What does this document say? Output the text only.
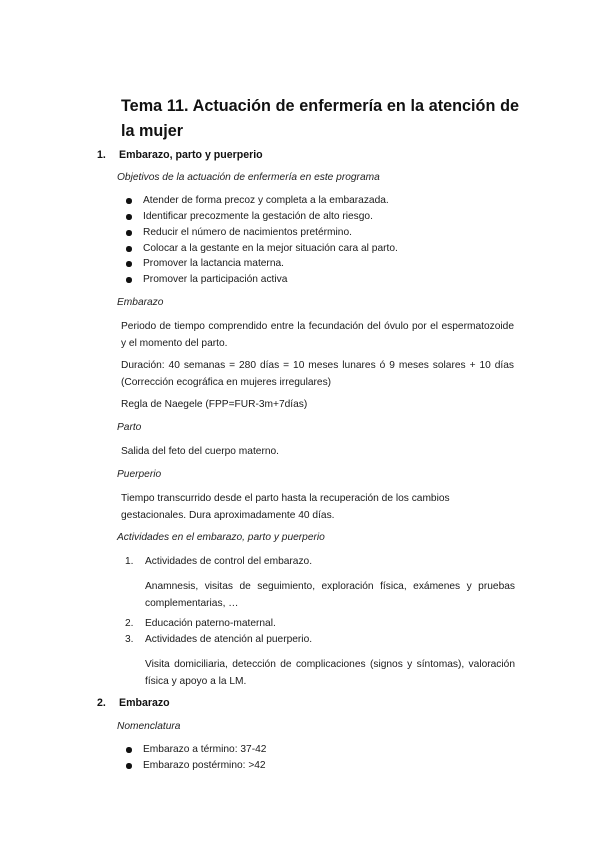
Tema 11. Actuación de enfermería en la atención de la mujer
1.	Embarazo, parto y puerperio
Objetivos de la actuación de enfermería en este programa
Atender de forma precoz y completa a la embarazada.
Identificar precozmente la gestación de alto riesgo.
Reducir el número de nacimientos pretérmino.
Colocar a la gestante en la mejor situación cara al parto.
Promover la lactancia materna.
Promover la participación activa
Embarazo
Periodo de tiempo comprendido entre la fecundación del óvulo por el espermatozoide y el momento del parto.
Duración: 40 semanas = 280 días = 10 meses lunares ó 9 meses solares + 10 días (Corrección ecográfica en mujeres irregulares)
Regla de Naegele (FPP=FUR-3m+7días)
Parto
Salida del feto del cuerpo materno.
Puerperio
Tiempo transcurrido desde el parto hasta la recuperación de los cambios gestacionales. Dura aproximadamente 40 días.
Actividades en el embarazo, parto y puerperio
1. Actividades de control del embarazo.
Anamnesis, visitas de seguimiento, exploración física, exámenes y pruebas complementarias, …
2. Educación paterno-maternal.
3. Actividades de atención al puerperio.
Visita domiciliaria, detección de complicaciones (signos y síntomas), valoración física y apoyo a la LM.
2.	Embarazo
Nomenclatura
Embarazo a término: 37-42
Embarazo postérmino: >42
